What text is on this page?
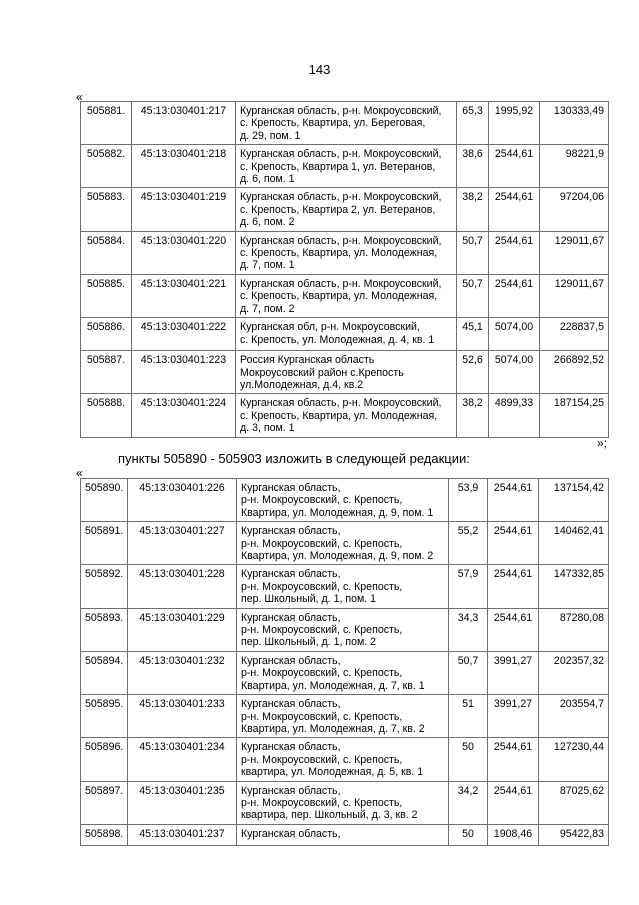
143
«
505881.	45:13:030401:217	Курганская область, р-н. Мокроусовский,
с. Крепость, Квартира, ул. Береговая,
д. 29, пом. 1	65,3	1995,92	130333,49
505882.	45:13:030401:218	Курганская область, р-н. Мокроусовский,
с. Крепость, Квартира 1, ул. Ветеранов,
д. 6, пом. 1	38,6	2544,61	98221,9
505883.	45:13:030401:219	Курганская область, р-н. Мокроусовский,
с. Крепость, Квартира 2, ул. Ветеранов,
д. 6, пом. 2	38,2	2544,61	97204,06
505884.	45:13:030401:220	Курганская область, р-н. Мокроусовский,
с. Крепость, Квартира, ул. Молодежная,
д. 7, пом. 1	50,7	2544,61	129011,67
505885.	45:13:030401:221	Курганская область, р-н. Мокроусовский,
с. Крепость, Квартира, ул. Молодежная,
д. 7, пом. 2	50,7	2544,61	129011,67
505886.	45:13:030401:222	Курганская обл, р-н. Мокроусовский,
с. Крепость, ул. Молодежная, д. 4, кв. 1	45,1	5074,00	228837,5
505887.	45:13:030401:223	Россия Курганская область
Мокроусовский район с.Крепость
ул.Молодежная, д.4, кв.2	52,6	5074,00	266892,52
505888.	45:13:030401:224	Курганская область, р-н. Мокроусовский,
с. Крепость, Квартира, ул. Молодежная,
д. 3, пом. 1	38,2	4899,33	187154,25
»;
пункты 505890 - 505903 изложить в следующей редакции:
«
505890.	45:13:030401:226	Курганская область,
р-н. Мокроусовский, с. Крепость,
Квартира, ул. Молодежная, д. 9, пом. 1	53,9	2544,61	137154,42
505891.	45:13:030401:227	Курганская область,
р-н. Мокроусовский, с. Крепость,
Квартира, ул. Молодежная, д. 9, пом. 2	55,2	2544,61	140462,41
505892.	45:13:030401:228	Курганская область,
р-н. Мокроусовский, с. Крепость,
пер. Школьный, д. 1, пом. 1	57,9	2544,61	147332,85
505893.	45:13:030401:229	Курганская область,
р-н. Мокроусовский, с. Крепость,
пер. Школьный, д. 1, пом. 2	34,3	2544,61	87280,08
505894.	45:13:030401:232	Курганская область,
р-н. Мокроусовский, с. Крепость,
Квартира, ул. Молодежная, д. 7, кв. 1	50,7	3991,27	202357,32
505895.	45:13:030401:233	Курганская область,
р-н. Мокроусовский, с. Крепость,
Квартира, ул. Молодежная, д. 7, кв. 2	51	3991,27	203554,7
505896.	45:13:030401:234	Курганская область,
р-н. Мокроусовский, с. Крепость,
квартира, ул. Молодежная, д. 5, кв. 1	50	2544,61	127230,44
505897.	45:13:030401:235	Курганская область,
р-н. Мокроусовский, с. Крепость,
квартира, пер. Школьный, д. 3, кв. 2	34,2	2544,61	87025,62
505898.	45:13:030401:237	Курганская область,	50	1908,46	95422,83
